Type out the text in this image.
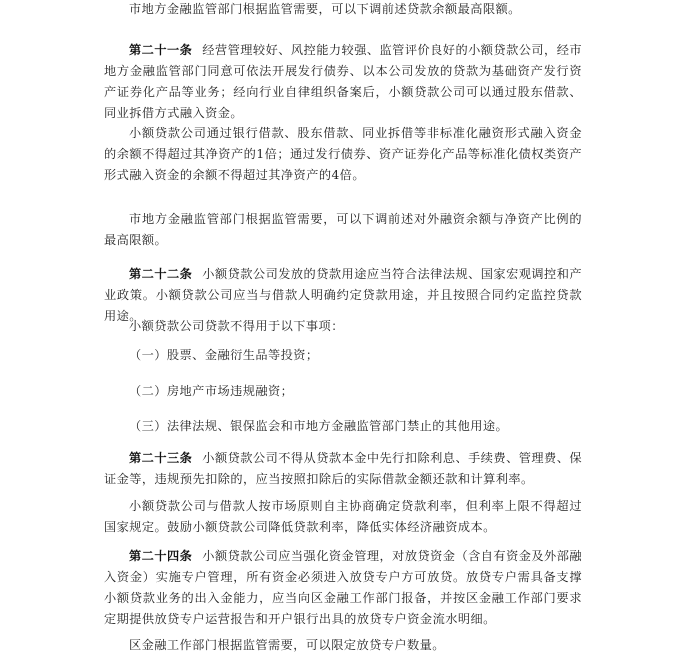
市地方金融监管部门根据监管需要，可以下调前述贷款余额最高限额。

第二十一条 经营管理较好、风控能力较强、监管评价良好的小额贷款公司，经市地方金融监管部门同意可依法开展发行债券、以本公司发放的贷款为基础资产发行资产证券化产品等业务；经向行业自律组织备案后，小额贷款公司可以通过股东借款、同业拆借方式融入资金。

小额贷款公司通过银行借款、股东借款、同业拆借等非标准化融资形式融入资金的余额不得超过其净资产的1倍；通过发行债券、资产证券化产品等标准化债权类资产形式融入资金的余额不得超过其净资产的4倍。

市地方金融监管部门根据监管需要，可以下调前述对外融资余额与净资产比例的最高限额。

第二十二条 小额贷款公司发放的贷款用途应当符合法律法规、国家宏观调控和产业政策。小额贷款公司应当与借款人明确约定贷款用途，并且按照合同约定监控贷款用途。

小额贷款公司贷款不得用于以下事项：

（一）股票、金融衍生品等投资；

（二）房地产市场违规融资；

（三）法律法规、银保监会和市地方金融监管部门禁止的其他用途。

第二十三条 小额贷款公司不得从贷款本金中先行扣除利息、手续费、管理费、保证金等，违规预先扣除的，应当按照扣除后的实际借款金额还款和计算利率。

小额贷款公司与借款人按市场原则自主协商确定贷款利率，但利率上限不得超过国家规定。鼓励小额贷款公司降低贷款利率，降低实体经济融资成本。

第二十四条 小额贷款公司应当强化资金管理，对放贷资金（含自有资金及外部融入资金）实施专户管理，所有资金必须进入放贷专户方可放贷。放贷专户需具备支撑小额贷款业务的出入金能力，应当向区金融工作部门报备，并按区金融工作部门要求定期提供放贷专户运营报告和开户银行出具的放贷专户资金流水明细。

区金融工作部门根据监管需要，可以限定放贷专户数量。
